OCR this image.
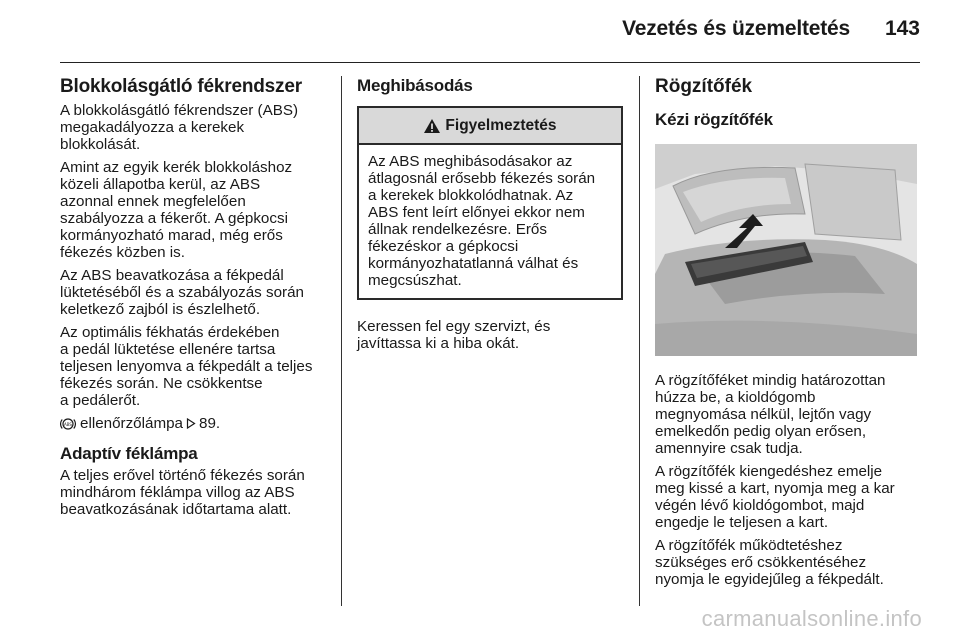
Vezetés és üzemeltetés 143
Blokkolásgátló fékrendszer
A blokkolásgátló fékrendszer (ABS)
megakadályozza a kerekek
blokkolását.
Amint az egyik kerék blokkoláshoz
közeli állapotba kerül, az ABS
azonnal ennek megfelelően
szabályozza a fékerőt. A gépkocsi
kormányozható marad, még erős
fékezés közben is.
Az ABS beavatkozása a fékpedál
lüktetéséből és a szabályozás során
keletkező zajból is észlelhető.
Az optimális fékhatás érdekében
a pedál lüktetése ellenére tartsa
teljesen lenyomva a fékpedált a teljes
fékezés során. Ne csökkentse
a pedálerőt.
ABS ellenőrzőlámpa 89.
Adaptív féklámpa
A teljes erővel történő fékezés során
mindhárom féklámpa villog az ABS
beavatkozásának időtartama alatt.
Meghibásodás
Figyelmeztetés
Az ABS meghibásodásakor az
átlagosnál erősebb fékezés során
a kerekek blokkolódhatnak. Az
ABS fent leírt előnyei ekkor nem
állnak rendelkezésre. Erős
fékezéskor a gépkocsi
kormányozhatatlanná válhat és
megcsúszhat.
Keressen fel egy szervizt, és
javíttassa ki a hiba okát.
Rögzítőfék
Kézi rögzítőfék
A rögzítőféket mindig határozottan
húzza be, a kioldógomb
megnyomása nélkül, lejtőn vagy
emelkedőn pedig olyan erősen,
amennyire csak tudja.
A rögzítőfék kiengedéshez emelje
meg kissé a kart, nyomja meg a kar
végén lévő kioldógombot, majd
engedje le teljesen a kart.
A rögzítőfék működtetéshez
szükséges erő csökkentéséhez
nyomja le egyidejűleg a fékpedált.
carmanualsonline.info
